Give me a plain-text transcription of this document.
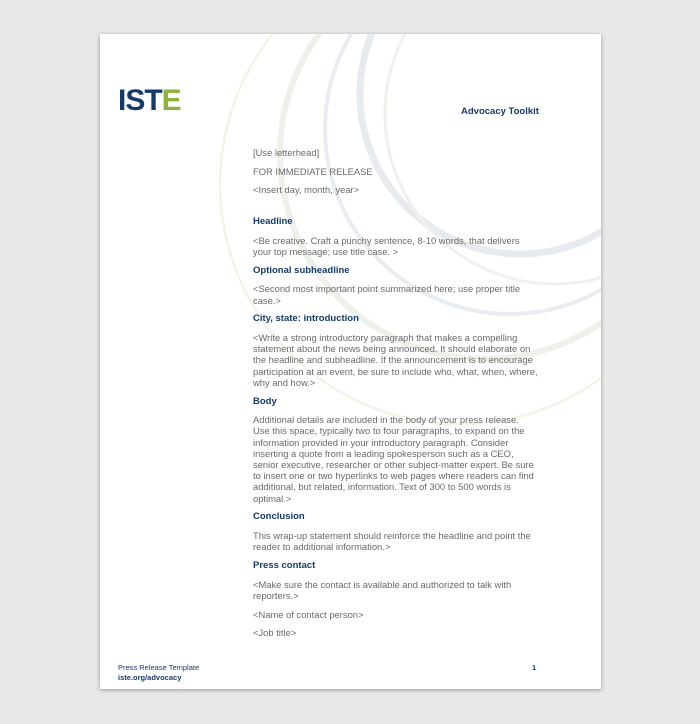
ISTE	Advocacy Toolkit

[Use letterhead]

FOR IMMEDIATE RELEASE

<Insert day, month, year>

Headline

<Be creative. Craft a punchy sentence, 8-10 words, that delivers your top message; use title case. >

Optional subheadline

<Second most important point summarized here; use proper title case.>

City, state: introduction

<Write a strong introductory paragraph that makes a compelling statement about the news being announced. It should elaborate on the headline and subheadline. If the announcement is to encourage participation at an event, be sure to include who, what, when, where, why and how.>

Body

Additional details are included in the body of your press release. Use this space, typically two to four paragraphs, to expand on the information provided in your introductory paragraph. Consider inserting a quote from a leading spokesperson such as a CEO, senior executive, researcher or other subject-matter expert. Be sure to insert one or two hyperlinks to web pages where readers can find additional, but related, information. Text of 300 to 500 words is optimal.>

Conclusion

This wrap-up statement should reinforce the headline and point the reader to additional information.>

Press contact

<Make sure the contact is available and authorized to talk with reporters.>

<Name of contact person>

<Job title>

Press Release Template
iste.org/advocacy
1
